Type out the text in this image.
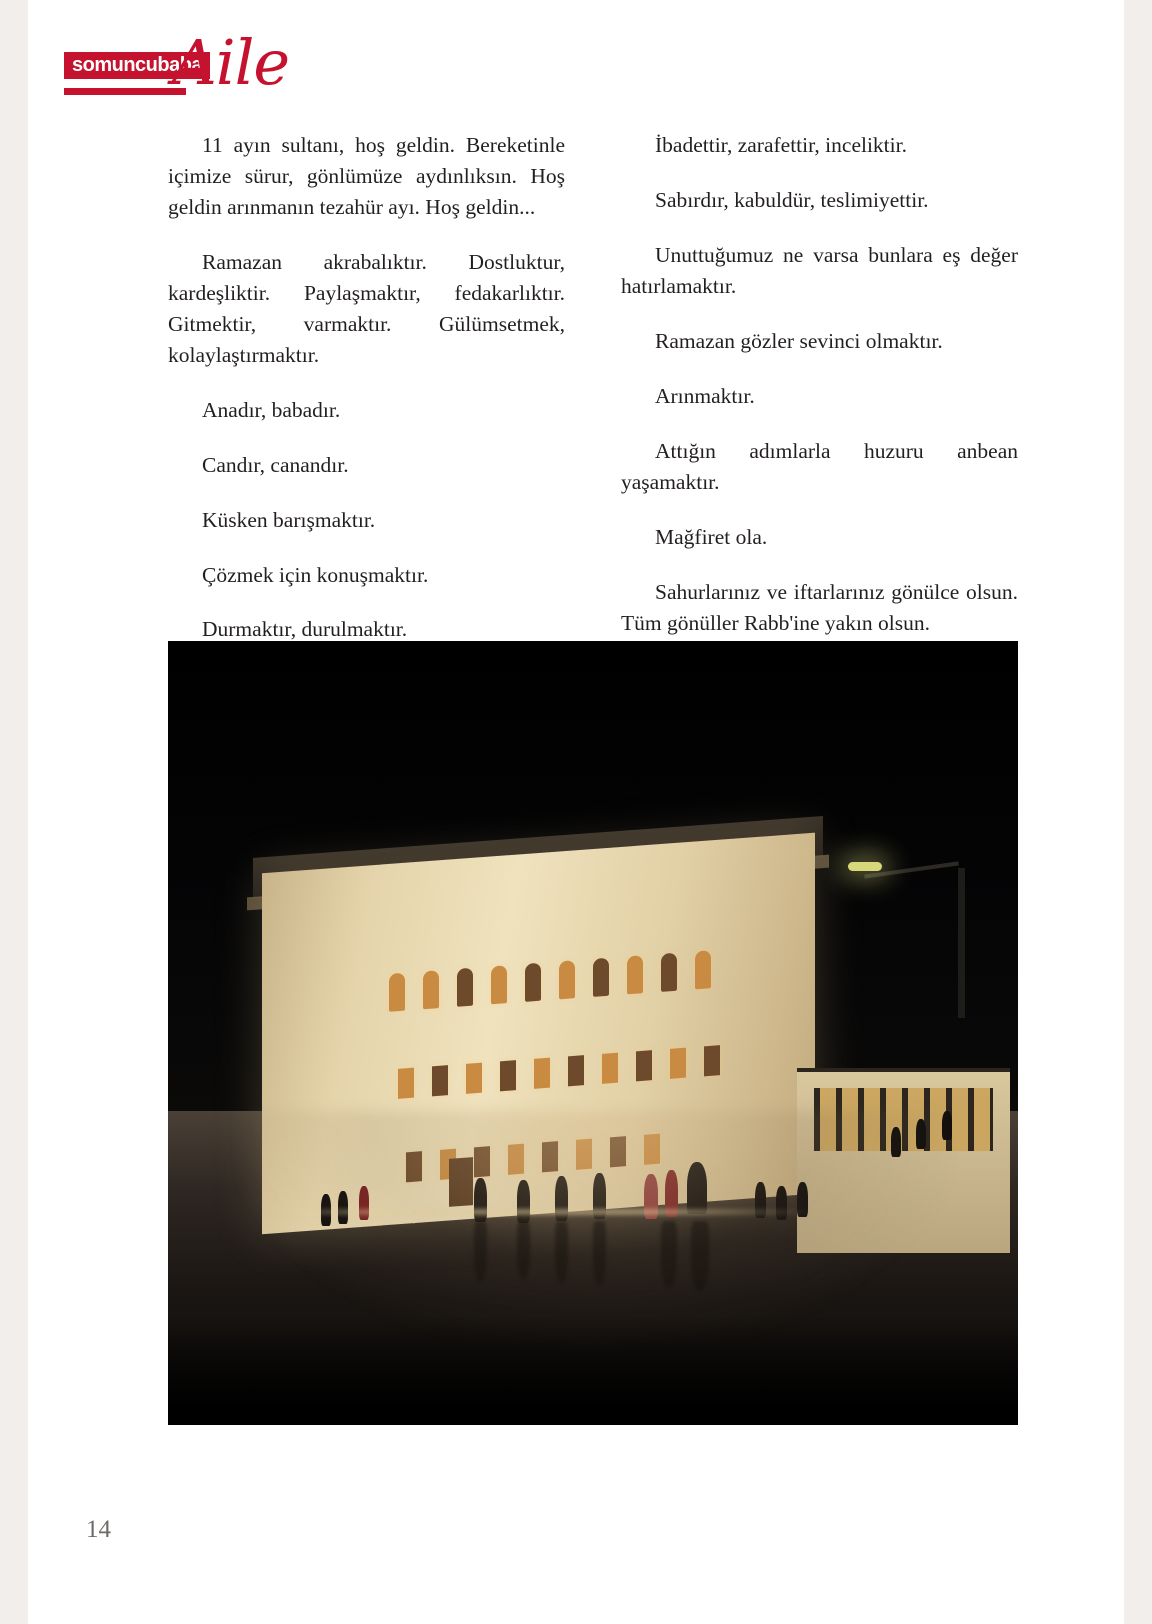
somuncubaba
Aile

11 ayın sultanı, hoş geldin. Bereketinle içimize sürur, gönlümüze aydınlıksın. Hoş geldin arınmanın tezahür ayı. Hoş geldin...

Ramazan akrabalıktır. Dostluktur, kardeşliktir. Paylaşmaktır, fedakarlıktır. Gitmektir, varmaktır. Gülümsetmek, kolaylaştırmaktır.

Anadır, babadır.

Candır, canandır.

Küsken barışmaktır.

Çözmek için konuşmaktır.

Durmaktır, durulmaktır.

İbadettir, zarafettir, inceliktir.

Sabırdır, kabuldür, teslimiyettir.

Unuttuğumuz ne varsa bunlara eş değer hatırlamaktır.

Ramazan gözler sevinci olmaktır.

Arınmaktır.

Attığın adımlarla huzuru anbean yaşamaktır.

Mağfiret ola.

Sahurlarınız ve iftarlarınız gönülce olsun. Tüm gönüller Rabb'ine yakın olsun.

14
